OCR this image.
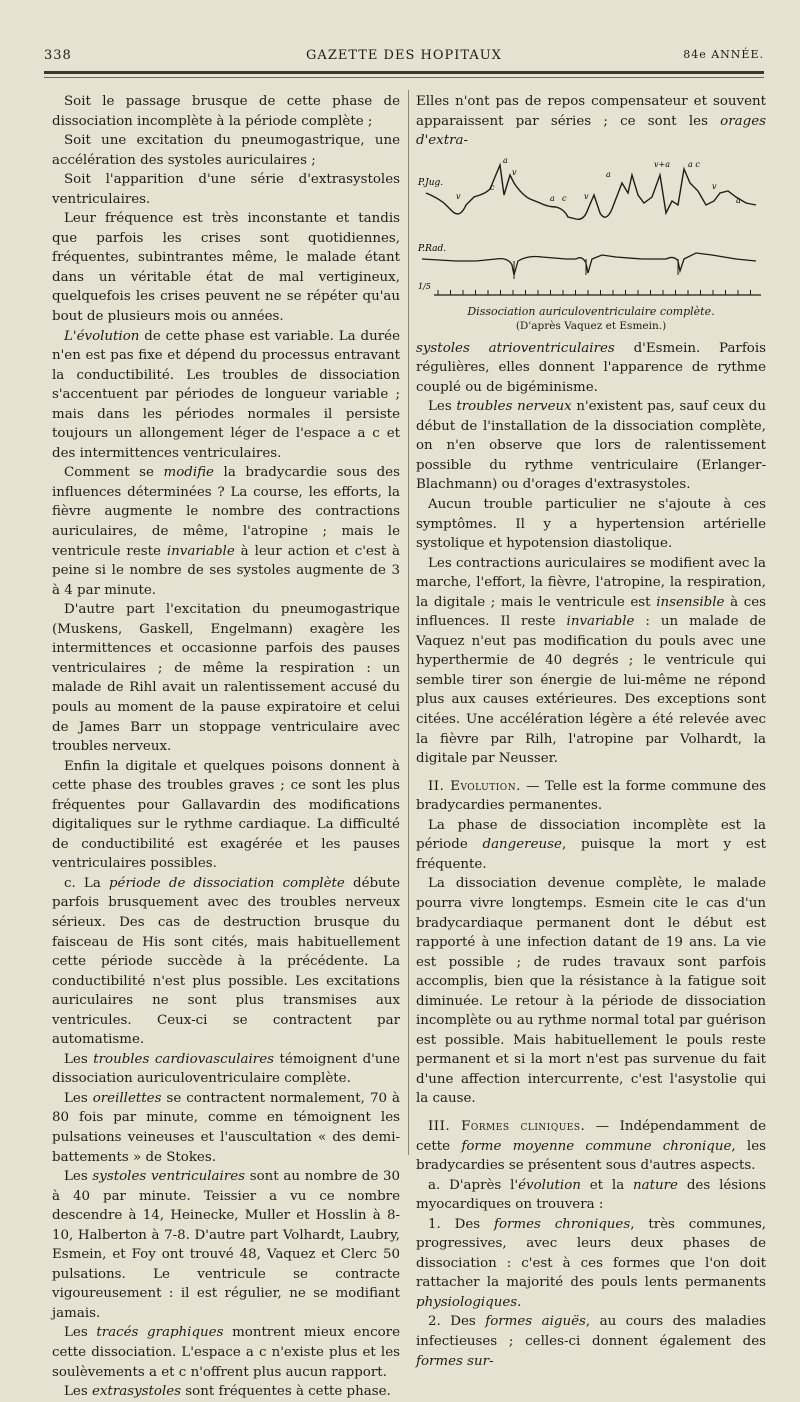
338	GAZETTE DES HOPITAUX	84e ANNÉE.

Soit le passage brusque de cette phase de dissociation incomplète à la période complète ;

Soit une excitation du pneumogastrique, une accélération des systoles auriculaires ;

Soit l'apparition d'une série d'extrasystoles ventriculaires.

Leur fréquence est très inconstante et tandis que parfois les crises sont quotidiennes, fréquentes, subintrantes même, le malade étant dans un véritable état de mal vertigineux, quelquefois les crises peuvent ne se répéter qu'au bout de plusieurs mois ou années.

L'évolution de cette phase est variable. La durée n'en est pas fixe et dépend du processus entravant la conductibilité. Les troubles de dissociation s'accentuent par périodes de longueur variable ; mais dans les périodes normales il persiste toujours un allongement léger de l'espace a c et des intermittences ventriculaires.

Comment se modifie la bradycardie sous des influences déterminées ? La course, les efforts, la fièvre augmente le nombre des contractions auriculaires, de même, l'atropine ; mais le ventricule reste invariable à leur action et c'est à peine si le nombre de ses systoles augmente de 3 à 4 par minute.

D'autre part l'excitation du pneumogastrique (Muskens, Gaskell, Engelmann) exagère les intermittences et occasionne parfois des pauses ventriculaires ; de même la respiration : un malade de Rihl avait un ralentissement accusé du pouls au moment de la pause expiratoire et celui de James Barr un stoppage ventriculaire avec troubles nerveux.

Enfin la digitale et quelques poisons donnent à cette phase des troubles graves ; ce sont les plus fréquentes pour Gallavardin des modifications digitaliques sur le rythme cardiaque. La difficulté de conductibilité est exagérée et les pauses ventriculaires possibles.

c. La période de dissociation complète débute parfois brusquement avec des troubles nerveux sérieux. Des cas de destruction brusque du faisceau de His sont cités, mais habituellement cette période succède à la précédente. La conductibilité n'est plus possible. Les excitations auriculaires ne sont plus transmises aux ventricules. Ceux-ci se contractent par automatisme.

Les troubles cardiovasculaires témoignent d'une dissociation auriculoventriculaire complète.

Les oreillettes se contractent normalement, 70 à 80 fois par minute, comme en témoignent les pulsations veineuses et l'auscultation « des demi-battements » de Stokes.

Les systoles ventriculaires sont au nombre de 30 à 40 par minute. Teissier a vu ce nombre descendre à 14, Heinecke, Muller et Hosslin à 8-10, Halberton à 7-8. D'autre part Volhardt, Laubry, Esmein, et Foy ont trouvé 48, Vaquez et Clerc 50 pulsations. Le ventricule se contracte vigoureusement : il est régulier, ne se modifiant jamais.

Les tracés graphiques montrent mieux encore cette dissociation. L'espace a c n'existe plus et les soulèvements a et c n'offrent plus aucun rapport.

Les extrasystoles sont fréquentes à cette phase.

Elles n'ont pas de repos compensateur et souvent apparaissent par séries ; ce sont les orages d'extra-

P.Jug.
a
v
c
v	a c v
a
v+a a c
v
a
P.Rad.
1/5
Dissociation auriculoventriculaire complète.
(D'après Vaquez et Esmein.)

systoles atrioventriculaires d'Esmein. Parfois régulières, elles donnent l'apparence de rythme couplé ou de bigéminisme.

Les troubles nerveux n'existent pas, sauf ceux du début de l'installation de la dissociation complète, on n'en observe que lors de ralentissement possible du rythme ventriculaire (Erlanger-Blachmann) ou d'orages d'extrasystoles.

Aucun trouble particulier ne s'ajoute à ces symptômes. Il y a hypertension artérielle systolique et hypotension diastolique.

Les contractions auriculaires se modifient avec la marche, l'effort, la fièvre, l'atropine, la respiration, la digitale ; mais le ventricule est insensible à ces influences. Il reste invariable : un malade de Vaquez n'eut pas modification du pouls avec une hyperthermie de 40 degrés ; le ventricule qui semble tirer son énergie de lui-même ne répond plus aux causes extérieures. Des exceptions sont citées. Une accélération légère a été relevée avec la fièvre par Rilh, l'atropine par Volhardt, la digitale par Neusser.

II. Evolution. — Telle est la forme commune des bradycardies permanentes.

La phase de dissociation incomplète est la période dangereuse, puisque la mort y est fréquente.

La dissociation devenue complète, le malade pourra vivre longtemps. Esmein cite le cas d'un bradycardiaque permanent dont le début est rapporté à une infection datant de 19 ans. La vie est possible ; de rudes travaux sont parfois accomplis, bien que la résistance à la fatigue soit diminuée. Le retour à la période de dissociation incomplète ou au rythme normal total par guérison est possible. Mais habituellement le pouls reste permanent et si la mort n'est pas survenue du fait d'une affection intercurrente, c'est l'asystolie qui la cause.

III. Formes cliniques. — Indépendamment de cette forme moyenne commune chronique, les bradycardies se présentent sous d'autres aspects.

a. D'après l'évolution et la nature des lésions myocardiques on trouvera :

1. Des formes chroniques, très communes, progressives, avec leurs deux phases de dissociation : c'est à ces formes que l'on doit rattacher la majorité des pouls lents permanents physiologiques.

2. Des formes aiguës, au cours des maladies infectieuses ; celles-ci donnent également des formes sur-
